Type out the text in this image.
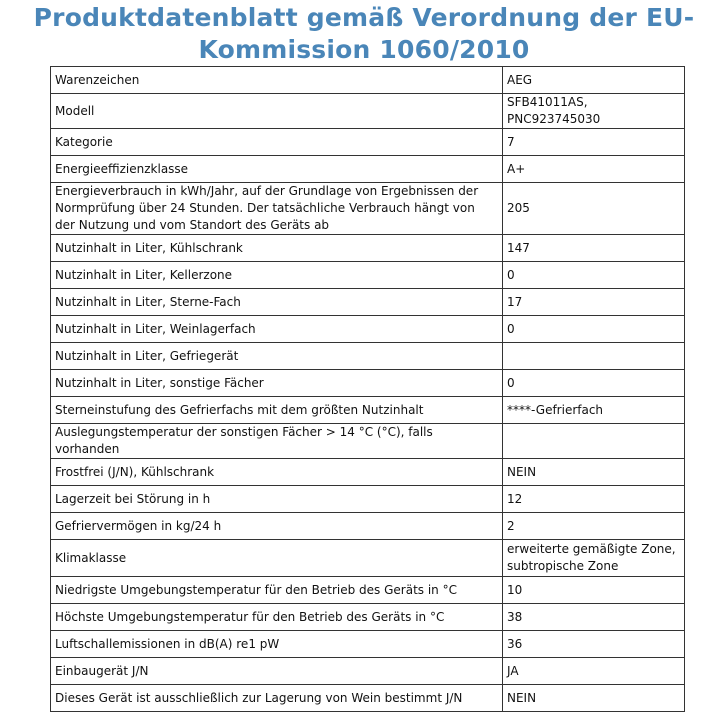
Produktdatenblatt gemäß Verordnung der EU-Kommission 1060/2010
Warenzeichen	AEG
Modell	SFB41011AS, PNC923745030
Kategorie	7
Energieeffizienzklasse	A+
Energieverbrauch in kWh/Jahr, auf der Grundlage von Ergebnissen der Normprüfung über 24 Stunden. Der tatsächliche Verbrauch hängt von der Nutzung und vom Standort des Geräts ab	205
Nutzinhalt in Liter, Kühlschrank	147
Nutzinhalt in Liter, Kellerzone	0
Nutzinhalt in Liter, Sterne-Fach	17
Nutzinhalt in Liter, Weinlagerfach	0
Nutzinhalt in Liter, Gefriegerät	
Nutzinhalt in Liter, sonstige Fächer	0
Sterneinstufung des Gefrierfachs mit dem größten Nutzinhalt	****-Gefrierfach
Auslegungstemperatur der sonstigen Fächer > 14 °C (°C), falls vorhanden	
Frostfrei (J/N), Kühlschrank	NEIN
Lagerzeit bei Störung in h	12
Gefriervermögen in kg/24 h	2
Klimaklasse	erweiterte gemäßigte Zone, subtropische Zone
Niedrigste Umgebungstemperatur für den Betrieb des Geräts in °C	10
Höchste Umgebungstemperatur für den Betrieb des Geräts in °C	38
Luftschallemissionen in dB(A) re1 pW	36
Einbaugerät J/N	JA
Dieses Gerät ist ausschließlich zur Lagerung von Wein bestimmt J/N	NEIN
